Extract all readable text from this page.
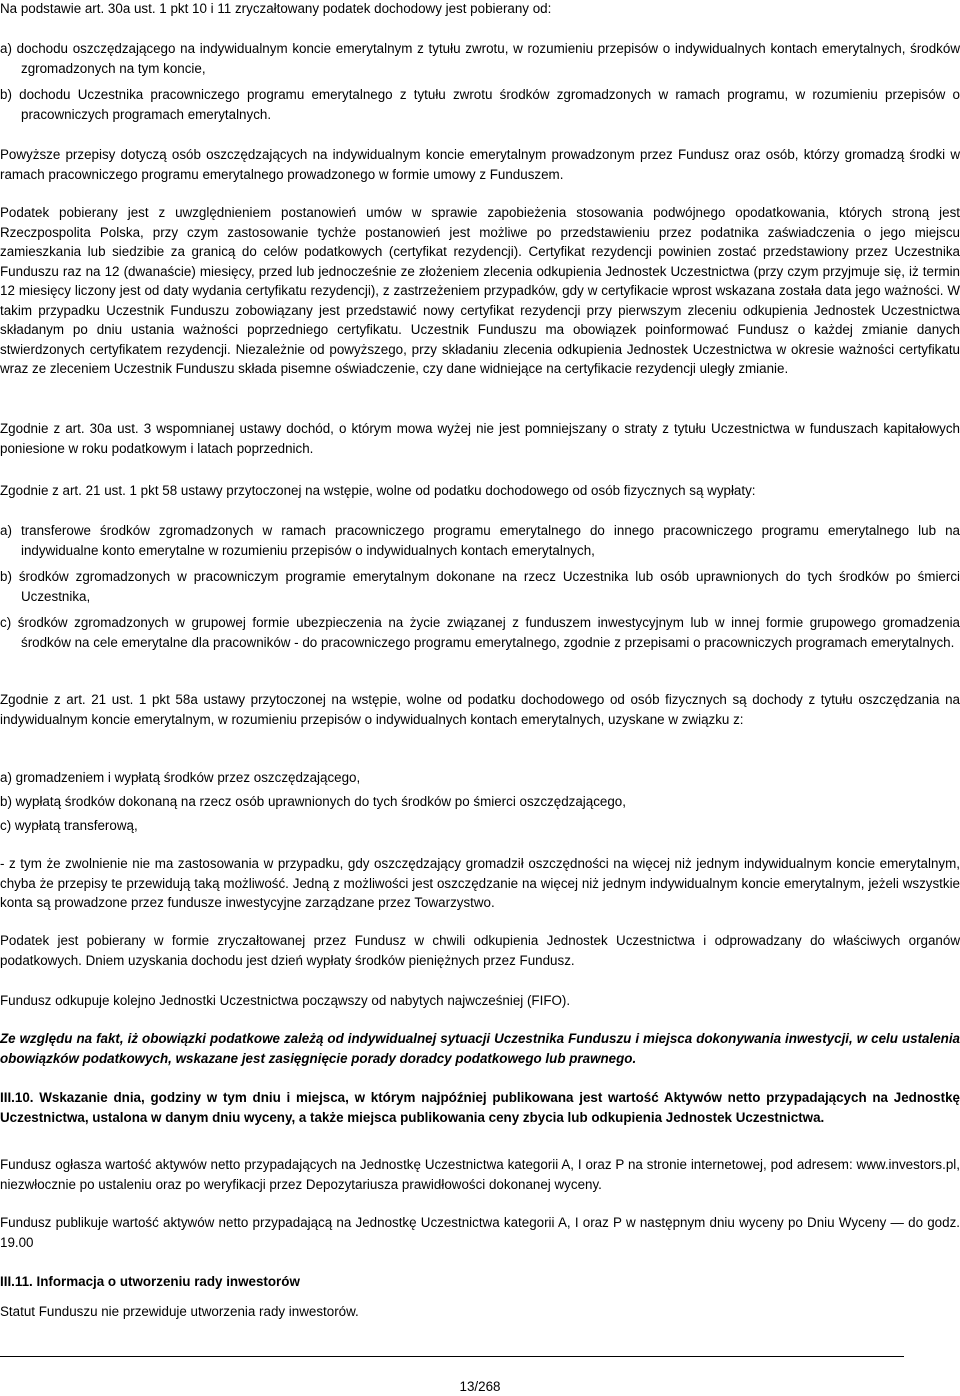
Na podstawie art. 30a ust. 1 pkt 10 i 11 zryczałtowany podatek dochodowy jest pobierany od:

a) dochodu oszczędzającego na indywidualnym koncie emerytalnym z tytułu zwrotu, w rozumieniu przepisów o indywidualnych kontach emerytalnych, środków zgromadzonych na tym koncie,

b) dochodu Uczestnika pracowniczego programu emerytalnego z tytułu zwrotu środków zgromadzonych w ramach programu, w rozumieniu przepisów o pracowniczych programach emerytalnych.

Powyższe przepisy dotyczą osób oszczędzających na indywidualnym koncie emerytalnym prowadzonym przez Fundusz oraz osób, którzy gromadzą środki w ramach pracowniczego programu emerytalnego prowadzonego w formie umowy z Funduszem.

Podatek pobierany jest z uwzględnieniem postanowień umów w sprawie zapobieżenia stosowania podwójnego opodatkowania, których stroną jest Rzeczpospolita Polska, przy czym zastosowanie tychże postanowień jest możliwe po przedstawieniu przez podatnika zaświadczenia o jego miejscu zamieszkania lub siedzibie za granicą do celów podatkowych (certyfikat rezydencji). Certyfikat rezydencji powinien zostać przedstawiony przez Uczestnika Funduszu raz na 12 (dwanaście) miesięcy, przed lub jednocześnie ze złożeniem zlecenia odkupienia Jednostek Uczestnictwa (przy czym przyjmuje się, iż termin 12 miesięcy liczony jest od daty wydania certyfikatu rezydencji), z zastrzeżeniem przypadków, gdy w certyfikacie wprost wskazana została data jego ważności. W takim przypadku Uczestnik Funduszu zobowiązany jest przedstawić nowy certyfikat rezydencji przy pierwszym zleceniu odkupienia Jednostek Uczestnictwa składanym po dniu ustania ważności poprzedniego certyfikatu. Uczestnik Funduszu ma obowiązek poinformować Fundusz o każdej zmianie danych stwierdzonych certyfikatem rezydencji. Niezależnie od powyższego, przy składaniu zlecenia odkupienia Jednostek Uczestnictwa w okresie ważności certyfikatu wraz ze zleceniem Uczestnik Funduszu składa pisemne oświadczenie, czy dane widniejące na certyfikacie rezydencji uległy zmianie.

Zgodnie z art. 30a ust. 3 wspomnianej ustawy dochód, o którym mowa wyżej nie jest pomniejszany o straty z tytułu Uczestnictwa w funduszach kapitałowych poniesione w roku podatkowym i latach poprzednich.

Zgodnie z art. 21 ust. 1 pkt 58 ustawy przytoczonej na wstępie, wolne od podatku dochodowego od osób fizycznych są wypłaty:

a) transferowe środków zgromadzonych w ramach pracowniczego programu emerytalnego do innego pracowniczego programu emerytalnego lub na indywidualne konto emerytalne w rozumieniu przepisów o indywidualnych kontach emerytalnych,

b) środków zgromadzonych w pracowniczym programie emerytalnym dokonane na rzecz Uczestnika lub osób uprawnionych do tych środków po śmierci Uczestnika,

c) środków zgromadzonych w grupowej formie ubezpieczenia na życie związanej z funduszem inwestycyjnym lub w innej formie grupowego gromadzenia środków na cele emerytalne dla pracowników - do pracowniczego programu emerytalnego, zgodnie z przepisami o pracowniczych programach emerytalnych.

Zgodnie z art. 21 ust. 1 pkt 58a ustawy przytoczonej na wstępie, wolne od podatku dochodowego od osób fizycznych są dochody z tytułu oszczędzania na indywidualnym koncie emerytalnym, w rozumieniu przepisów o indywidualnych kontach emerytalnych, uzyskane w związku z:

a) gromadzeniem i wypłatą środków przez oszczędzającego,

b) wypłatą środków dokonaną na rzecz osób uprawnionych do tych środków po śmierci oszczędzającego,

c) wypłatą transferową,

- z tym że zwolnienie nie ma zastosowania w przypadku, gdy oszczędzający gromadził oszczędności na więcej niż jednym indywidualnym koncie emerytalnym, chyba że przepisy te przewidują taką możliwość. Jedną z możliwości jest oszczędzanie na więcej niż jednym indywidualnym koncie emerytalnym, jeżeli wszystkie konta są prowadzone przez fundusze inwestycyjne zarządzane przez Towarzystwo.

Podatek jest pobierany w formie zryczałtowanej przez Fundusz w chwili odkupienia Jednostek Uczestnictwa i odprowadzany do właściwych organów podatkowych. Dniem uzyskania dochodu jest dzień wypłaty środków pieniężnych przez Fundusz.

Fundusz odkupuje kolejno Jednostki Uczestnictwa począwszy od nabytych najwcześniej (FIFO).

Ze względu na fakt, iż obowiązki podatkowe zależą od indywidualnej sytuacji Uczestnika Funduszu i miejsca dokonywania inwestycji, w celu ustalenia obowiązków podatkowych, wskazane jest zasięgnięcie porady doradcy podatkowego lub prawnego.

III.10. Wskazanie dnia, godziny w tym dniu i miejsca, w którym najpóźniej publikowana jest wartość Aktywów netto przypadających na Jednostkę Uczestnictwa, ustalona w danym dniu wyceny, a także miejsca publikowania ceny zbycia lub odkupienia Jednostek Uczestnictwa.

Fundusz ogłasza wartość aktywów netto przypadających na Jednostkę Uczestnictwa kategorii A, I oraz P na stronie internetowej, pod adresem: www.investors.pl, niezwłocznie po ustaleniu oraz po weryfikacji przez Depozytariusza prawidłowości dokonanej wyceny.

Fundusz publikuje wartość aktywów netto przypadającą na Jednostkę Uczestnictwa kategorii A, I oraz P w następnym dniu wyceny po Dniu Wyceny — do godz. 19.00

III.11. Informacja o utworzeniu rady inwestorów

Statut Funduszu nie przewiduje utworzenia rady inwestorów.

13/268
